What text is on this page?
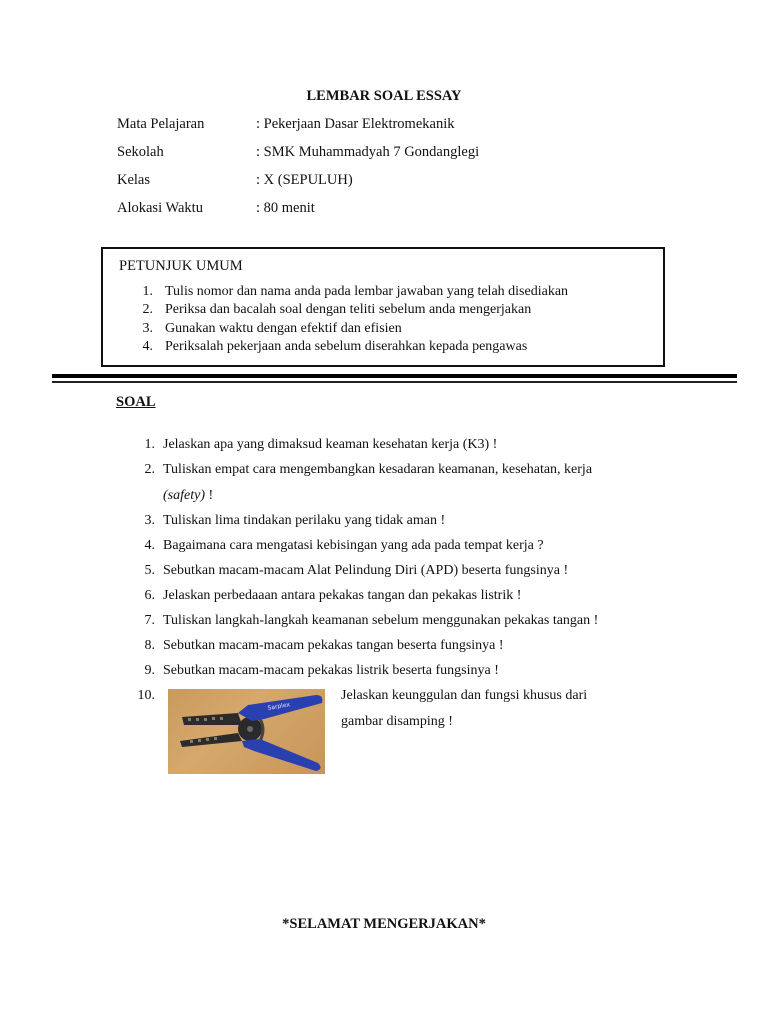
LEMBAR SOAL ESSAY
Mata Pelajaran	: Pekerjaan Dasar Elektromekanik
Sekolah	: SMK Muhammadyah 7 Gondanglegi
Kelas	: X (SEPULUH)
Alokasi Waktu	: 80 menit
PETUNJUK UMUM
1. Tulis nomor dan nama anda pada lembar jawaban yang telah disediakan
2. Periksa dan bacalah soal dengan teliti sebelum anda mengerjakan
3. Gunakan waktu dengan efektif dan efisien
4. Periksalah pekerjaan anda sebelum diserahkan kepada pengawas
SOAL
1. Jelaskan apa yang dimaksud keaman kesehatan kerja (K3) !
2. Tuliskan empat cara mengembangkan kesadaran keamanan, kesehatan, kerja
(safety) !
3. Tuliskan lima tindakan perilaku yang tidak aman !
4. Bagaimana cara mengatasi kebisingan yang ada pada tempat kerja ?
5. Sebutkan macam-macam Alat Pelindung Diri (APD) beserta fungsinya !
6. Jelaskan perbedaaan antara pekakas tangan dan pekakas listrik !
7. Tuliskan langkah-langkah keamanan sebelum menggunakan pekakas tangan !
8. Sebutkan macam-macam pekakas tangan beserta fungsinya !
9. Sebutkan macam-macam pekakas listrik beserta fungsinya !
10.	Jelaskan keunggulan dan fungsi khusus dari
gambar disamping !
Sarplex
*SELAMAT MENGERJAKAN*
